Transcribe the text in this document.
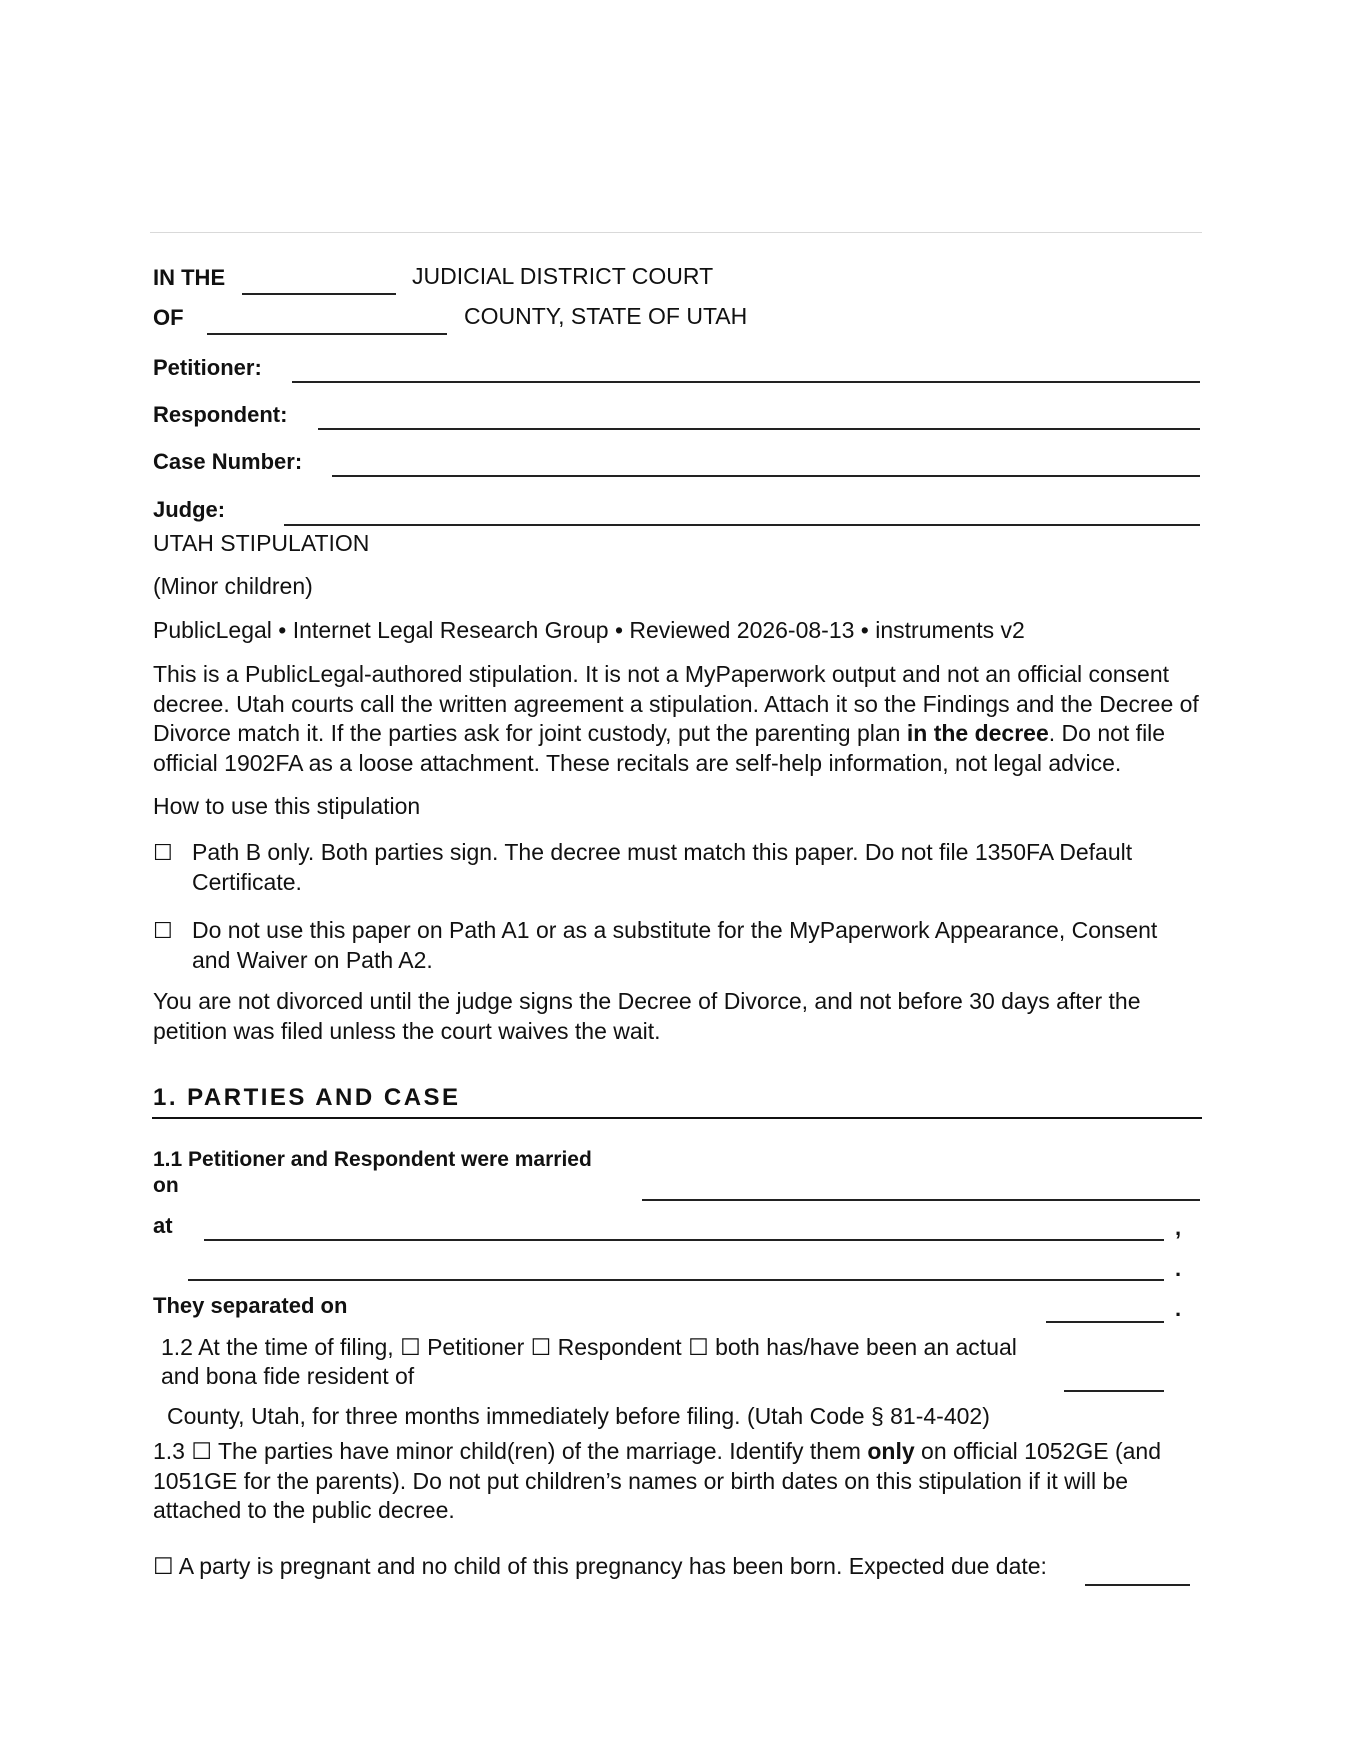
IN THE	JUDICIAL DISTRICT COURT
OF	COUNTY, STATE OF UTAH
Petitioner:
Respondent:
Case Number:
Judge:
UTAH STIPULATION
(Minor children)
PublicLegal • Internet Legal Research Group • Reviewed 2026-08-13 • instruments v2
This is a PublicLegal-authored stipulation. It is not a MyPaperwork output and not an official consent decree. Utah courts call the written agreement a stipulation. Attach it so the Findings and the Decree of Divorce match it. If the parties ask for joint custody, put the parenting plan in the decree. Do not file official 1902FA as a loose attachment. These recitals are self-help information, not legal advice.
How to use this stipulation
☐ Path B only. Both parties sign. The decree must match this paper. Do not file 1350FA Default Certificate.
☐ Do not use this paper on Path A1 or as a substitute for the MyPaperwork Appearance, Consent and Waiver on Path A2.
You are not divorced until the judge signs the Decree of Divorce, and not before 30 days after the petition was filed unless the court waives the wait.
1. PARTIES AND CASE
1.1 Petitioner and Respondent were married
on
at	,
.
They separated on	.
1.2 At the time of filing, ☐ Petitioner ☐ Respondent ☐ both has/have been an actual
and bona fide resident of
County, Utah, for three months immediately before filing. (Utah Code § 81-4-402)
1.3 ☐ The parties have minor child(ren) of the marriage. Identify them only on official 1052GE (and 1051GE for the parents). Do not put children’s names or birth dates on this stipulation if it will be attached to the public decree.
☐ A party is pregnant and no child of this pregnancy has been born. Expected due date:
